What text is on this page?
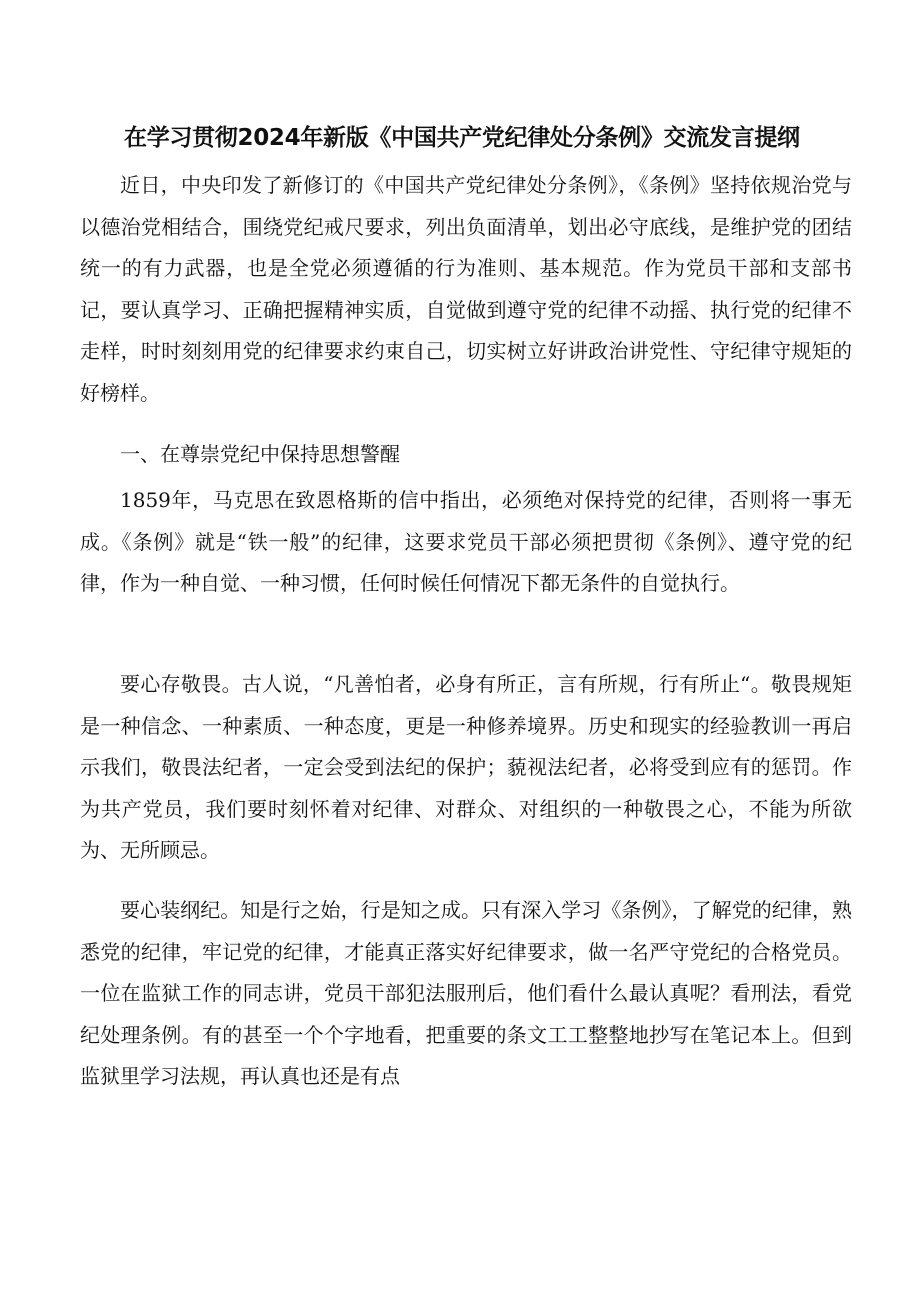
在学习贯彻2024年新版《中国共产党纪律处分条例》交流发言提纲

近日，中央印发了新修订的《中国共产党纪律处分条例》，《条例》坚持依规治党与以德治党相结合，围绕党纪戒尺要求，列出负面清单，划出必守底线，是维护党的团结统一的有力武器，也是全党必须遵循的行为准则、基本规范。作为党员干部和支部书记，要认真学习、正确把握精神实质，自觉做到遵守党的纪律不动摇、执行党的纪律不走样，时时刻刻用党的纪律要求约束自己，切实树立好讲政治讲党性、守纪律守规矩的好榜样。

一、在尊崇党纪中保持思想警醒

1859年，马克思在致恩格斯的信中指出，必须绝对保持党的纪律，否则将一事无成。《条例》就是“铁一般”的纪律，这要求党员干部必须把贯彻《条例》、遵守党的纪律，作为一种自觉、一种习惯，任何时候任何情况下都无条件的自觉执行。

要心存敬畏。古人说，“凡善怕者，必身有所正，言有所规，行有所止“。敬畏规矩是一种信念、一种素质、一种态度，更是一种修养境界。历史和现实的经验教训一再启示我们，敬畏法纪者，一定会受到法纪的保护；藐视法纪者，必将受到应有的惩罚。作为共产党员，我们要时刻怀着对纪律、对群众、对组织的一种敬畏之心，不能为所欲为、无所顾忌。

要心装纲纪。知是行之始，行是知之成。只有深入学习《条例》，了解党的纪律，熟悉党的纪律，牢记党的纪律，才能真正落实好纪律要求，做一名严守党纪的合格党员。一位在监狱工作的同志讲，党员干部犯法服刑后，他们看什么最认真呢？看刑法，看党纪处理条例。有的甚至一个个字地看，把重要的条文工工整整地抄写在笔记本上。但到监狱里学习法规，再认真也还是有点
